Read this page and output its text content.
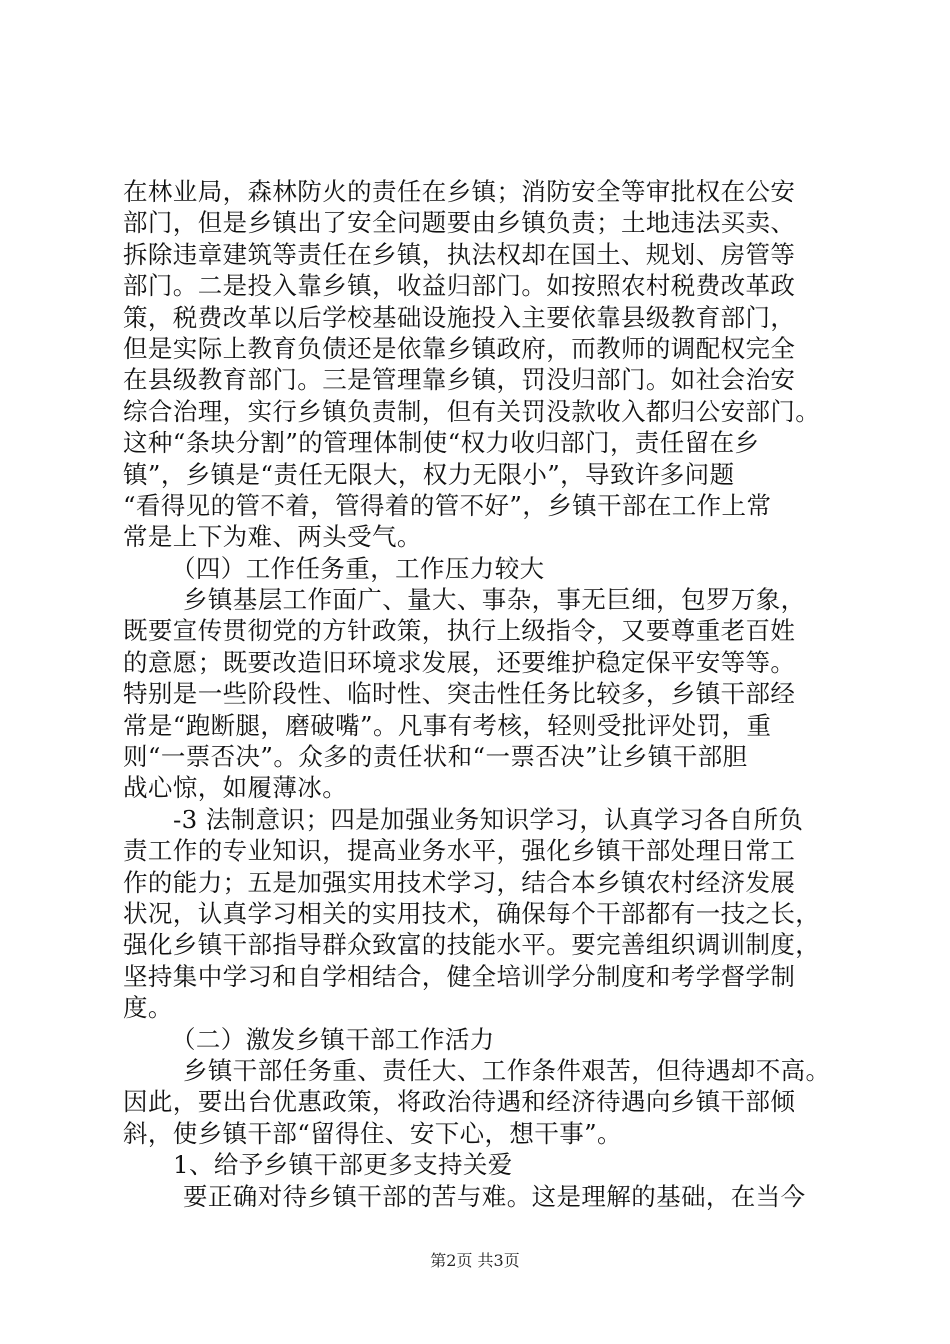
在林业局，森林防火的责任在乡镇；消防安全等审批权在公安
部门，但是乡镇出了安全问题要由乡镇负责；土地违法买卖、
拆除违章建筑等责任在乡镇，执法权却在国土、规划、房管等
部门。二是投入靠乡镇，收益归部门。如按照农村税费改革政
策，税费改革以后学校基础设施投入主要依靠县级教育部门，
但是实际上教育负债还是依靠乡镇政府，而教师的调配权完全
在县级教育部门。三是管理靠乡镇，罚没归部门。如社会治安
综合治理，实行乡镇负责制，但有关罚没款收入都归公安部门。
这种“条块分割”的管理体制使“权力收归部门，责任留在乡
镇”，乡镇是“责任无限大，权力无限小”，导致许多问题
“看得见的管不着，管得着的管不好”，乡镇干部在工作上常
常是上下为难、两头受气。
（四）工作任务重，工作压力较大
乡镇基层工作面广、量大、事杂，事无巨细，包罗万象，
既要宣传贯彻党的方针政策，执行上级指令，又要尊重老百姓
的意愿；既要改造旧环境求发展，还要维护稳定保平安等等。
特别是一些阶段性、临时性、突击性任务比较多，乡镇干部经
常是“跑断腿，磨破嘴”。凡事有考核，轻则受批评处罚，重
则“一票否决”。众多的责任状和“一票否决”让乡镇干部胆
战心惊，如履薄冰。
-3 法制意识；四是加强业务知识学习，认真学习各自所负
责工作的专业知识，提高业务水平，强化乡镇干部处理日常工
作的能力；五是加强实用技术学习，结合本乡镇农村经济发展
状况，认真学习相关的实用技术，确保每个干部都有一技之长，
强化乡镇干部指导群众致富的技能水平。要完善组织调训制度，
坚持集中学习和自学相结合，健全培训学分制度和考学督学制
度。
（二）激发乡镇干部工作活力
乡镇干部任务重、责任大、工作条件艰苦，但待遇却不高。
因此，要出台优惠政策，将政治待遇和经济待遇向乡镇干部倾
斜，使乡镇干部“留得住、安下心，想干事”。
1、给予乡镇干部更多支持关爱
要正确对待乡镇干部的苦与难。这是理解的基础，在当今
第2页 共3页
